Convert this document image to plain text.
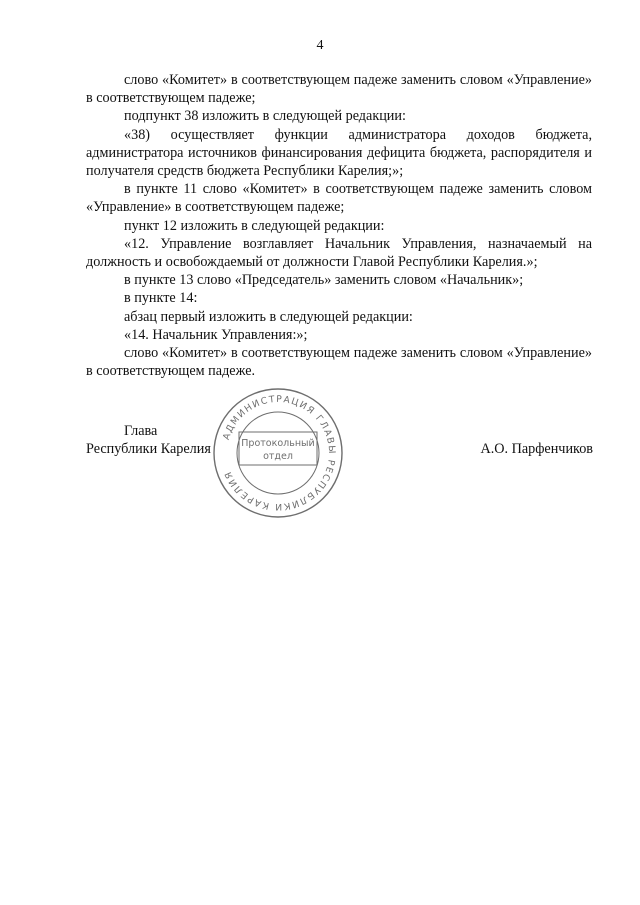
4

слово «Комитет» в соответствующем падеже заменить словом «Управление» в соответствующем падеже;

подпункт 38 изложить в следующей редакции:

«38) осуществляет функции администратора доходов бюджета, администратора источников финансирования дефицита бюджета, распорядителя и получателя средств бюджета Республики Карелия;»;

в пункте 11 слово «Комитет» в соответствующем падеже заменить словом «Управление» в соответствующем падеже;

пункт 12 изложить в следующей редакции:

«12. Управление возглавляет Начальник Управления, назначаемый на должность и освобождаемый от должности Главой Республики Карелия.»;

в пункте 13 слово «Председатель» заменить словом «Начальник»;

в пункте 14:

абзац первый изложить в следующей редакции:

«14. Начальник Управления:»;

слово «Комитет» в соответствующем падеже заменить словом «Управление» в соответствующем падеже.

Глава
Республики Карелия	А.О. Парфенчиков
АДМИНИСТРАЦИЯ ГЛАВЫ РЕСПУБЛИКИ КАРЕЛИЯ
Протокольный
отдел
